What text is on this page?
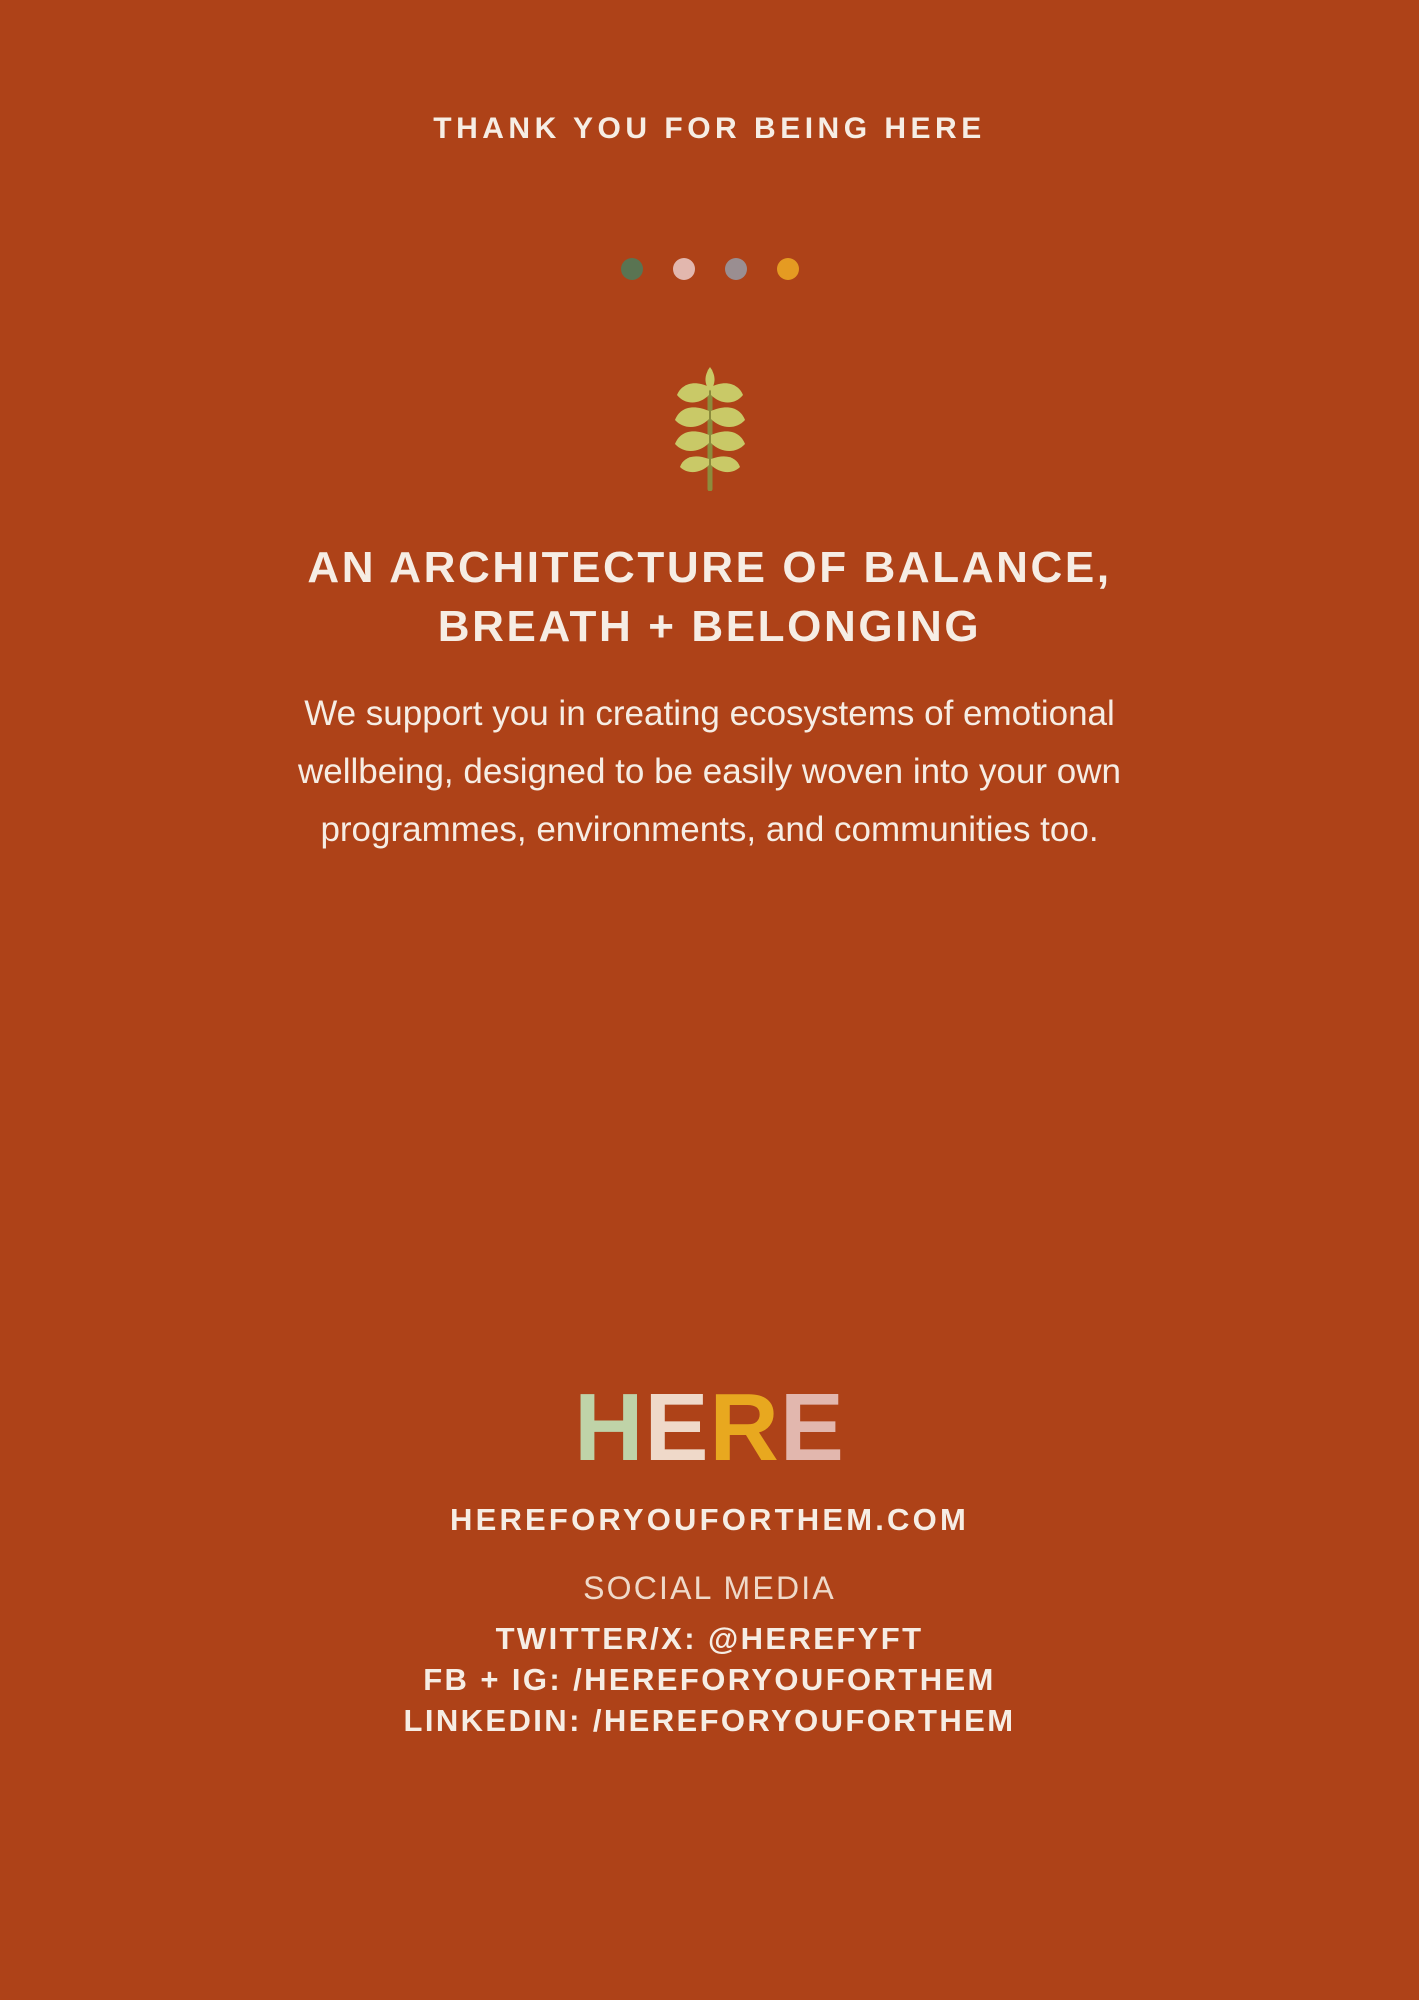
THANK YOU FOR BEING HERE
AN ARCHITECTURE OF BALANCE,
BREATH + BELONGING
We support you in creating ecosystems of emotional wellbeing, designed to be easily woven into your own programmes, environments, and communities too.
H E R E
HEREFORYOUFORTHEM.COM
SOCIAL MEDIA
TWITTER/X: @HEREFYFT
FB + IG: /HEREFORYOUFORTHEM
LINKEDIN: /HEREFORYOUFORTHEM
